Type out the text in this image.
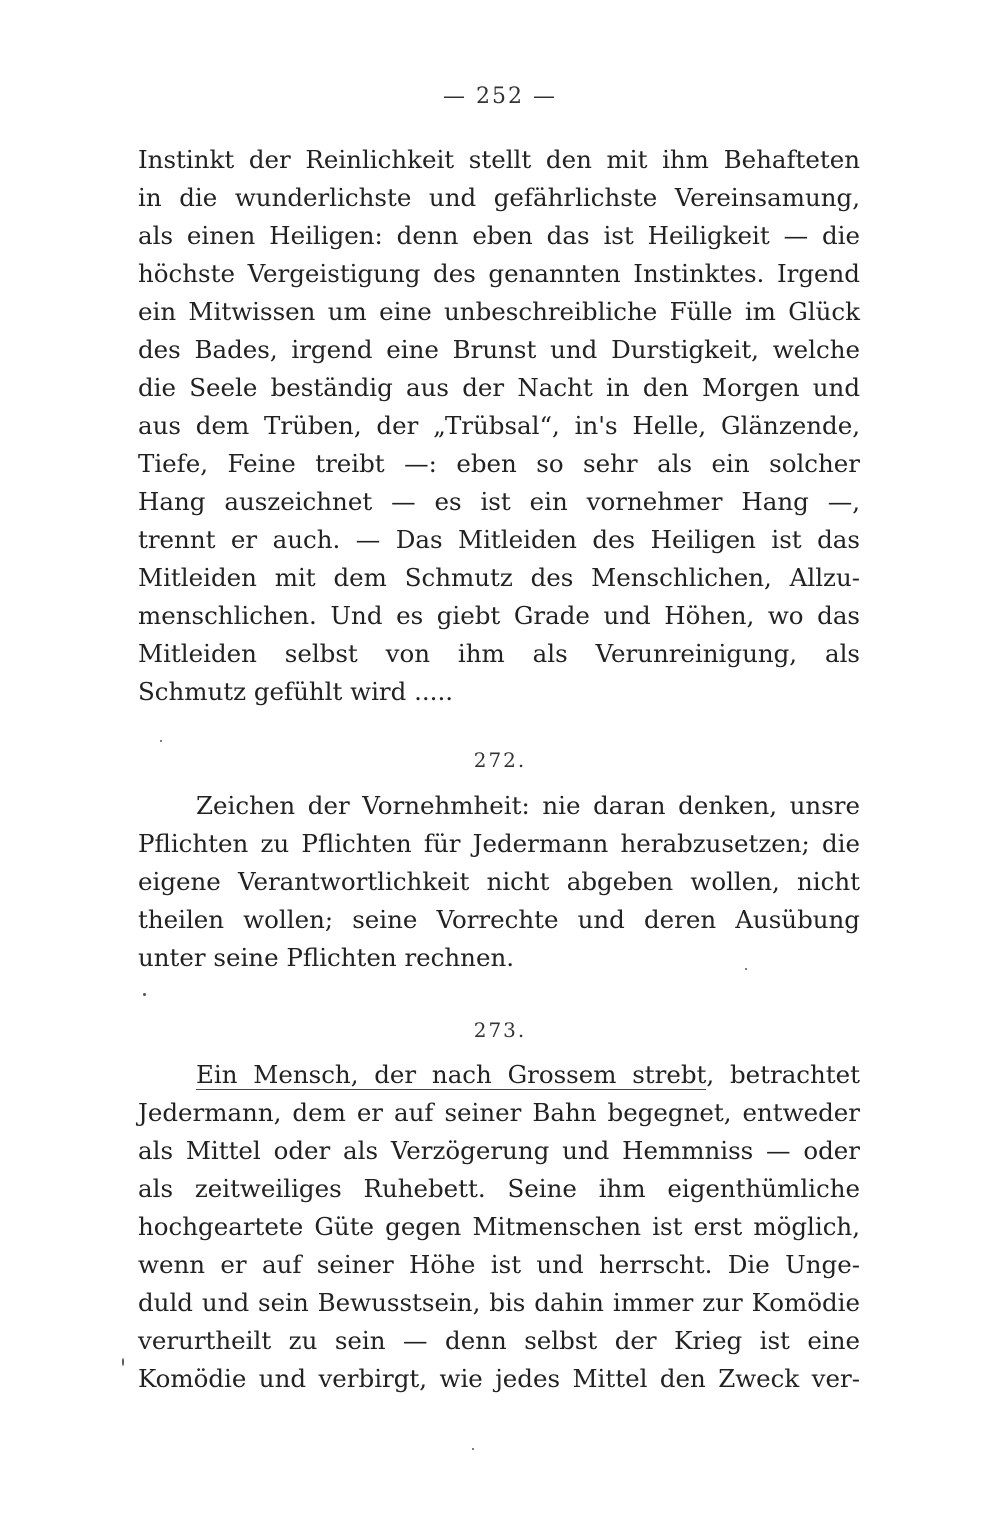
— 252 —
Instinkt der Reinlichkeit stellt den mit ihm Behafteten
in die wunderlichste und gefährlichste Vereinsamung,
als einen Heiligen: denn eben das ist Heiligkeit — die
höchste Vergeistigung des genannten Instinktes. Irgend
ein Mitwissen um eine unbeschreibliche Fülle im Glück
des Bades, irgend eine Brunst und Durstigkeit, welche
die Seele beständig aus der Nacht in den Morgen und
aus dem Trüben, der „Trübsal“, in's Helle, Glänzende,
Tiefe, Feine treibt —: eben so sehr als ein solcher
Hang auszeichnet — es ist ein vornehmer Hang —,
trennt er auch. — Das Mitleiden des Heiligen ist das
Mitleiden mit dem Schmutz des Menschlichen, Allzu-
menschlichen. Und es giebt Grade und Höhen, wo das
Mitleiden selbst von ihm als Verunreinigung, als
Schmutz gefühlt wird .....
272.
Zeichen der Vornehmheit: nie daran denken, unsre
Pflichten zu Pflichten für Jedermann herabzusetzen; die
eigene Verantwortlichkeit nicht abgeben wollen, nicht
theilen wollen; seine Vorrechte und deren Ausübung
unter seine Pflichten rechnen.
273.
Ein Mensch, der nach Grossem strebt, betrachtet
Jedermann, dem er auf seiner Bahn begegnet, entweder
als Mittel oder als Verzögerung und Hemmniss — oder
als zeitweiliges Ruhebett. Seine ihm eigenthümliche
hochgeartete Güte gegen Mitmenschen ist erst möglich,
wenn er auf seiner Höhe ist und herrscht. Die Unge-
duld und sein Bewusstsein, bis dahin immer zur Komödie
verurtheilt zu sein — denn selbst der Krieg ist eine
Komödie und verbirgt, wie jedes Mittel den Zweck ver-
